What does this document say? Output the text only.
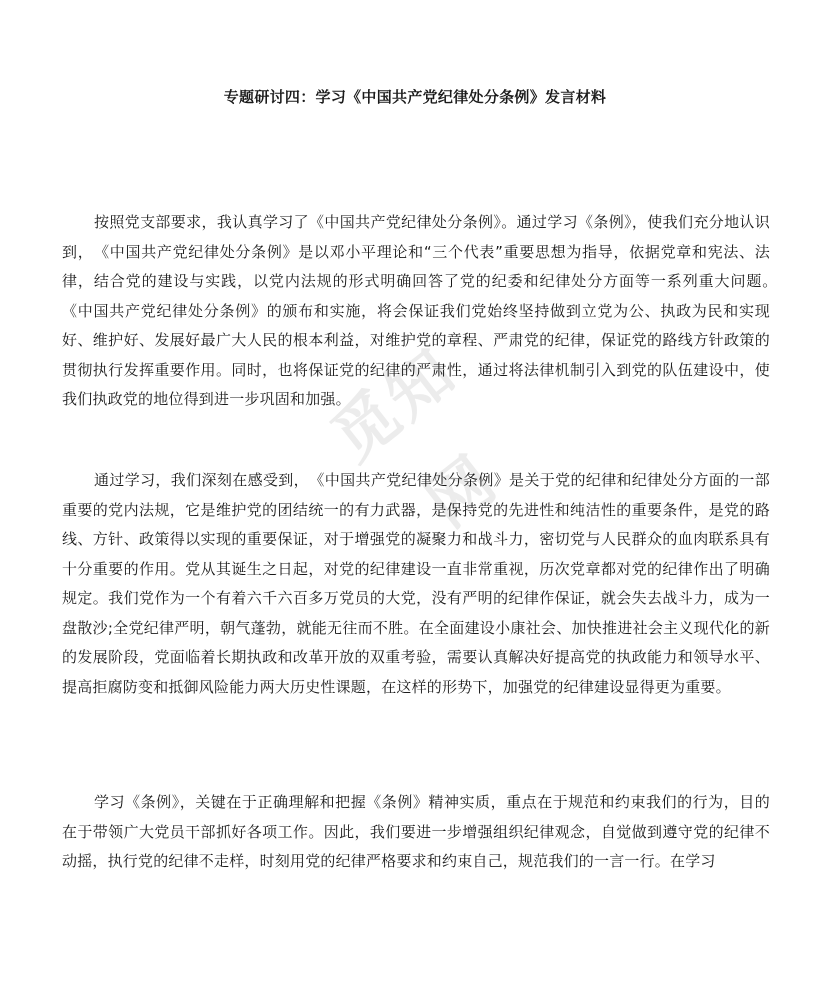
专题研讨四：学习《中国共产党纪律处分条例》发言材料

按照党支部要求，我认真学习了《中国共产党纪律处分条例》。通过学习《条例》，使我们充分地认识到，　《中国共产党纪律处分条例》是以邓小平理论和“三个代表”重要思想为指导，依据党章和宪法、法律，结合党的建设与实践，以党内法规的形式明确回答了党的纪委和纪律处分方面等一系列重大问题。　《中国共产党纪律处分条例》的颁布和实施，将会保证我们党始终坚持做到立党为公、执政为民和实现好、维护好、发展好最广大人民的根本利益，对维护党的章程、严肃党的纪律，保证党的路线方针政策的贯彻执行发挥重要作用。同时，也将保证党的纪律的严肃性，通过将法律机制引入到党的队伍建设中，使我们执政党的地位得到进一步巩固和加强。

通过学习，我们深刻在感受到，　《中国共产党纪律处分条例》是关于党的纪律和纪律处分方面的一部重要的党内法规，它是维护党的团结统一的有力武器，是保持党的先进性和纯洁性的重要条件，是党的路线、方针、政策得以实现的重要保证，对于增强党的凝聚力和战斗力，密切党与人民群众的血肉联系具有十分重要的作用。党从其诞生之日起，对党的纪律建设一直非常重视，历次党章都对党的纪律作出了明确规定。我们党作为一个有着六千六百多万党员的大党，没有严明的纪律作保证，就会失去战斗力，成为一盘散沙;全党纪律严明，朝气蓬勃，就能无往而不胜。在全面建设小康社会、加快推进社会主义现代化的新的发展阶段，党面临着长期执政和改革开放的双重考验，需要认真解决好提高党的执政能力和领导水平、提高拒腐防变和抵御风险能力两大历史性课题，在这样的形势下，加强党的纪律建设显得更为重要。

学习《条例》，关键在于正确理解和把握《条例》精神实质，重点在于规范和约束我们的行为，目的在于带领广大党员干部抓好各项工作。因此，我们要进一步增强组织纪律观念，自觉做到遵守党的纪律不动摇，执行党的纪律不走样，时刻用党的纪律严格要求和约束自己，规范我们的一言一行。在学习

觅知网
